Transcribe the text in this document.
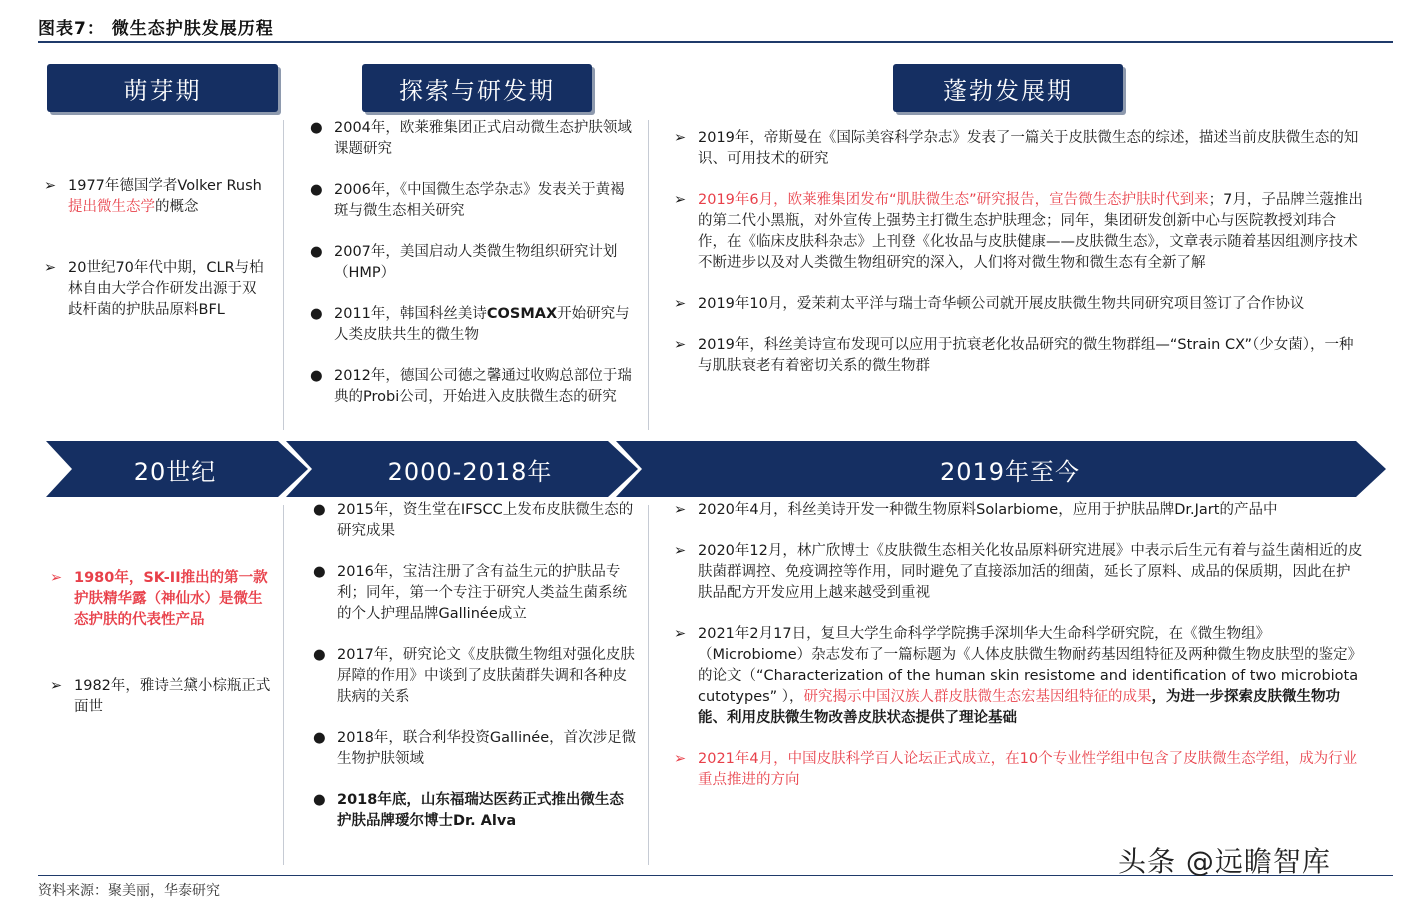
图表7： 微生态护肤发展历程
萌芽期	探索与研发期	蓬勃发展期
20世纪	2000-2018年	2019年至今
➢ 1977年德国学者Volker Rush提出微生态学的概念
➢ 20世纪70年代中期，CLR与柏林自由大学合作研发出源于双歧杆菌的护肤品原料BFL
➢ 1980年，SK-II推出的第一款护肤精华露（神仙水）是微生态护肤的代表性产品
➢ 1982年，雅诗兰黛小棕瓶正式面世
● 2004年，欧莱雅集团正式启动微生态护肤领域课题研究
● 2006年，《中国微生态学杂志》发表关于黄褐斑与微生态相关研究
● 2007年，美国启动人类微生物组织研究计划（HMP）
● 2011年，韩国科丝美诗COSMAX开始研究与人类皮肤共生的微生物
● 2012年，德国公司德之馨通过收购总部位于瑞典的Probi公司，开始进入皮肤微生态的研究
● 2015年，资生堂在IFSCC上发布皮肤微生态的研究成果
● 2016年，宝洁注册了含有益生元的护肤品专利；同年，第一个专注于研究人类益生菌系统的个人护理品牌Gallinée成立
● 2017年，研究论文《皮肤微生物组对强化皮肤屏障的作用》中谈到了皮肤菌群失调和各种皮肤病的关系
● 2018年，联合利华投资Gallinée，首次涉足微生物护肤领域
● 2018年底，山东福瑞达医药正式推出微生态护肤品牌瑷尔博士Dr. Alva
➢ 2019年，帝斯曼在《国际美容科学杂志》发表了一篇关于皮肤微生态的综述，描述当前皮肤微生态的知识、可用技术的研究
➢ 2019年6月，欧莱雅集团发布“肌肤微生态”研究报告，宣告微生态护肤时代到来；7月，子品牌兰蔻推出的第二代小黑瓶，对外宣传上强势主打微生态护肤理念；同年，集团研发创新中心与医院教授刘玮合作，在《临床皮肤科杂志》上刊登《化妆品与皮肤健康——皮肤微生态》，文章表示随着基因组测序技术不断进步以及对人类微生物组研究的深入，人们将对微生物和微生态有全新了解
➢ 2019年10月，爱茉莉太平洋与瑞士奇华顿公司就开展皮肤微生物共同研究项目签订了合作协议
➢ 2019年，科丝美诗宣布发现可以应用于抗衰老化妆品研究的微生物群组—“Strain CX”（少女菌），一种与肌肤衰老有着密切关系的微生物群
➢ 2020年4月，科丝美诗开发一种微生物原料Solarbiome，应用于护肤品牌Dr.Jart的产品中
➢ 2020年12月，林广欣博士《皮肤微生态相关化妆品原料研究进展》中表示后生元有着与益生菌相近的皮肤菌群调控、免疫调控等作用，同时避免了直接添加活的细菌，延长了原料、成品的保质期，因此在护肤品配方开发应用上越来越受到重视
➢ 2021年2月17日，复旦大学生命科学学院携手深圳华大生命科学研究院，在《微生物组》（Microbiome）杂志发布了一篇标题为《人体皮肤微生物耐药基因组特征及两种微生物皮肤型的鉴定》的论文（“Characterization of the human skin resistome and identification of two microbiota cutotypes” ），研究揭示中国汉族人群皮肤微生态宏基因组特征的成果，为进一步探索皮肤微生物功能、利用皮肤微生物改善皮肤状态提供了理论基础
➢ 2021年4月，中国皮肤科学百人论坛正式成立，在10个专业性学组中包含了皮肤微生态学组，成为行业重点推进的方向
资料来源：聚美丽，华泰研究
头条 @远瞻智库
